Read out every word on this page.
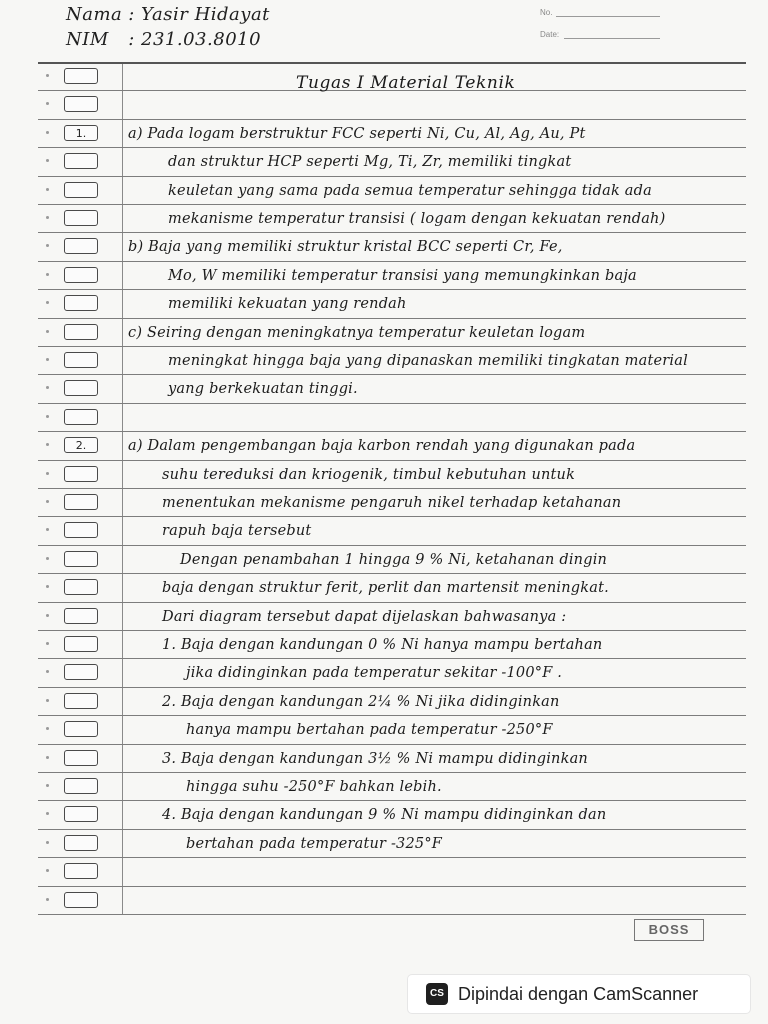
Nama : Yasir Hidayat
NIM : 231.03.8010
No.
Date:
1.
2.
Tugas I Material Teknik
a) Pada logam berstruktur FCC seperti Ni, Cu, Al, Ag, Au, Pt
dan struktur HCP seperti Mg, Ti, Zr, memiliki tingkat
keuletan yang sama pada semua temperatur sehingga tidak ada
mekanisme temperatur transisi ( logam dengan kekuatan rendah)
b) Baja yang memiliki struktur kristal BCC seperti Cr, Fe,
Mo, W memiliki temperatur transisi yang memungkinkan baja
memiliki kekuatan yang rendah
c) Seiring dengan meningkatnya temperatur keuletan logam
meningkat hingga baja yang dipanaskan memiliki tingkatan material
yang berkekuatan tinggi.
a) Dalam pengembangan baja karbon rendah yang digunakan pada
suhu tereduksi dan kriogenik, timbul kebutuhan untuk
menentukan mekanisme pengaruh nikel terhadap ketahanan
rapuh baja tersebut
Dengan penambahan 1 hingga 9 % Ni, ketahanan dingin
baja dengan struktur ferit, perlit dan martensit meningkat.
Dari diagram tersebut dapat dijelaskan bahwasanya :
1. Baja dengan kandungan 0 % Ni hanya mampu bertahan
jika didinginkan pada temperatur sekitar -100°F .
2. Baja dengan kandungan 2¼ % Ni jika didinginkan
hanya mampu bertahan pada temperatur -250°F
3. Baja dengan kandungan 3½ % Ni mampu didinginkan
hingga suhu -250°F bahkan lebih.
4. Baja dengan kandungan 9 % Ni mampu didinginkan dan
bertahan pada temperatur -325°F
BOSS
CS Dipindai dengan CamScanner
